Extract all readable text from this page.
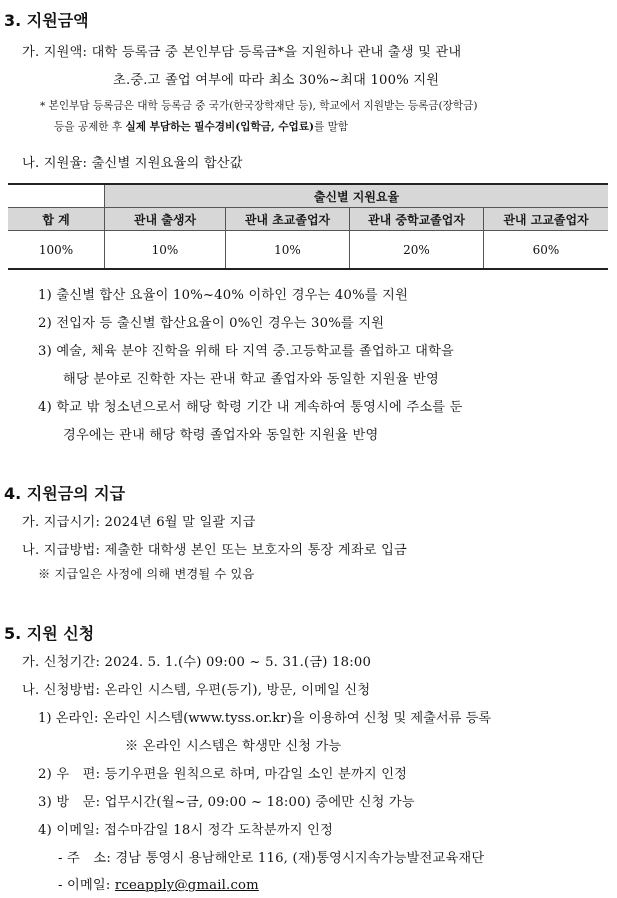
3. 지원금액
가. 지원액: 대학 등록금 중 본인부담 등록금*을 지원하나 관내 출생 및 관내
초.중.고 졸업 여부에 따라 최소 30%~최대 100% 지원
* 본인부담 등록금은 대학 등록금 중 국가(한국장학재단 등), 학교에서 지원받는 등록금(장학금)
등을 공제한 후 실제 부담하는 필수경비(입학금, 수업료)를 말함
나. 지원율: 출신별 지원요율의 합산값
	출신별 지원요율			
합 계	관내 출생자	관내 초교졸업자	관내 중학교졸업자	관내 고교졸업자
100%	10%	10%	20%	60%
1) 출신별 합산 요율이 10%~40% 이하인 경우는 40%를 지원
2) 전입자 등 출신별 합산요율이 0%인 경우는 30%를 지원
3) 예술, 체육 분야 진학을 위해 타 지역 중.고등학교를 졸업하고 대학을
해당 분야로 진학한 자는 관내 학교 졸업자와 동일한 지원율 반영
4) 학교 밖 청소년으로서 해당 학령 기간 내 계속하여 통영시에 주소를 둔
경우에는 관내 해당 학령 졸업자와 동일한 지원율 반영
4. 지원금의 지급
가. 지급시기: 2024년 6월 말 일괄 지급
나. 지급방법: 제출한 대학생 본인 또는 보호자의 통장 계좌로 입금
※ 지급일은 사정에 의해 변경될 수 있음
5. 지원 신청
가. 신청기간: 2024. 5. 1.(수) 09:00 ~ 5. 31.(금) 18:00
나. 신청방법: 온라인 시스템, 우편(등기), 방문, 이메일 신청
1) 온라인: 온라인 시스템(www.tyss.or.kr)을 이용하여 신청 및 제출서류 등록
※ 온라인 시스템은 학생만 신청 가능
2) 우　편: 등기우편을 원칙으로 하며, 마감일 소인 분까지 인정
3) 방　문: 업무시간(월~금, 09:00 ~ 18:00) 중에만 신청 가능
4) 이메일: 접수마감일 18시 정각 도착분까지 인정
- 주　소: 경남 통영시 용남해안로 116, (재)통영시지속가능발전교육재단
- 이메일: rceapply@gmail.com
